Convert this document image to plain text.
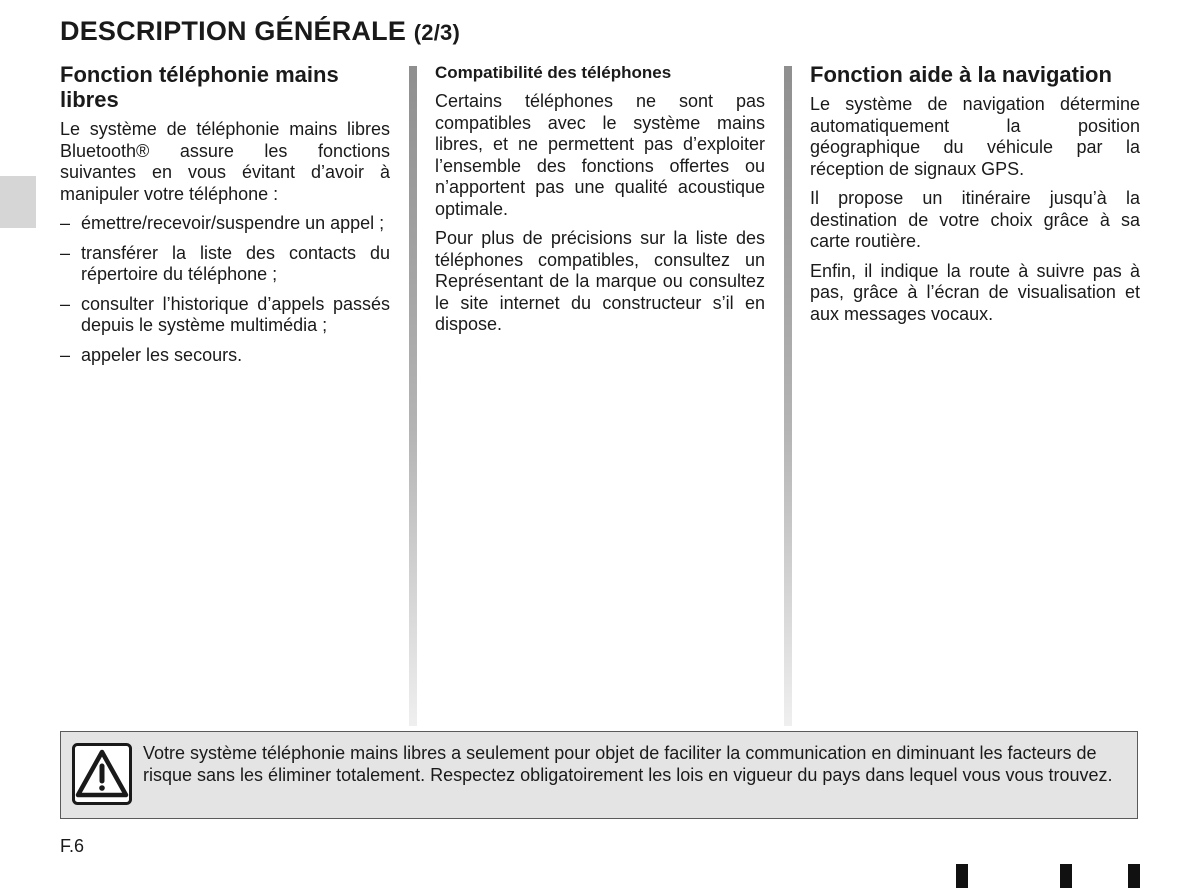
DESCRIPTION GÉNÉRALE (2/3)
Fonction téléphonie mains libres

Le système de téléphonie mains libres Bluetooth® assure les fonctions suivantes en vous évitant d’avoir à manipuler votre téléphone :

– émettre/recevoir/suspendre un appel ;
– transférer la liste des contacts du répertoire du téléphone ;
– consulter l’historique d’appels passés depuis le système multimédia ;
– appeler les secours.
Compatibilité des téléphones

Certains téléphones ne sont pas compatibles avec le système mains libres, et ne permettent pas d’exploiter l’ensemble des fonctions offertes ou n’apportent pas une qualité acoustique optimale.

Pour plus de précisions sur la liste des téléphones compatibles, consultez un Représentant de la marque ou consultez le site internet du constructeur s’il en dispose.

Fonction aide à la navigation

Le système de navigation détermine automatiquement la position géographique du véhicule par la réception de signaux GPS.

Il propose un itinéraire jusqu’à la destination de votre choix grâce à sa carte routière.

Enfin, il indique la route à suivre pas à pas, grâce à l’écran de visualisation et aux messages vocaux.

Votre système téléphonie mains libres a seulement pour objet de faciliter la communication en diminuant les facteurs de risque sans les éliminer totalement. Respectez obligatoirement les lois en vigueur du pays dans lequel vous vous trouvez.

F.6
